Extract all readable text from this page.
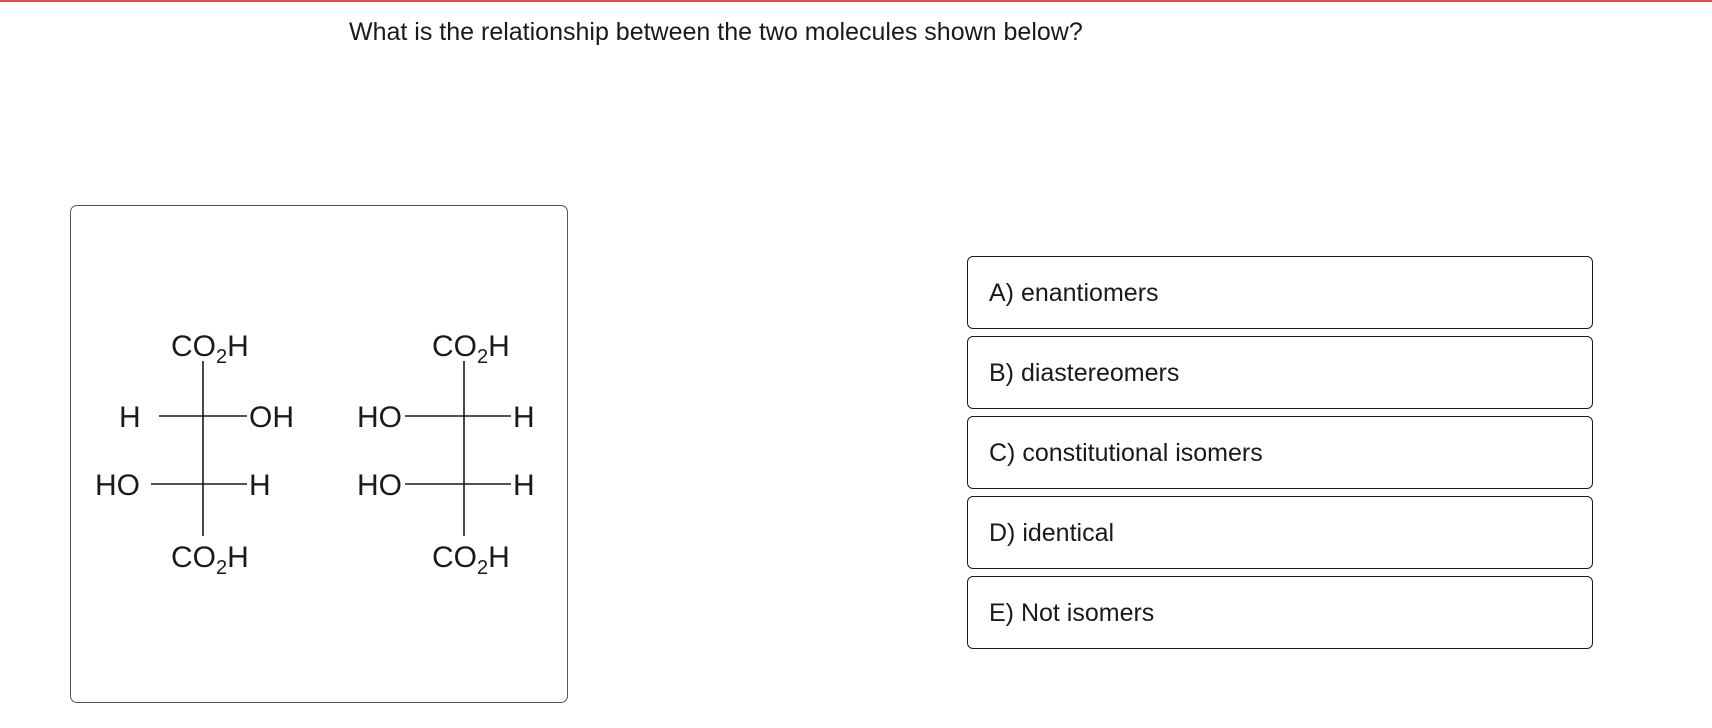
What is the relationship between the two molecules shown below?
$CO_2H$
H	OH
HO	H
$CO_2H$
$CO_2H$
HO	H
HO	H
$CO_2H$
A) enantiomers
B) diastereomers
C) constitutional isomers
D) identical
E) Not isomers
